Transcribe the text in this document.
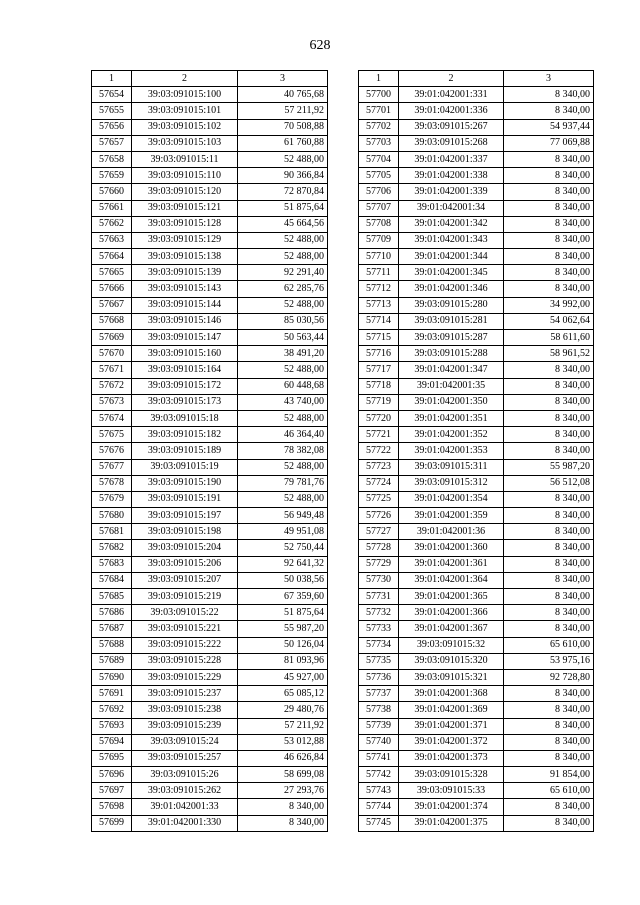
628
1	2	3
57654	39:03:091015:100	40 765,68
57655	39:03:091015:101	57 211,92
57656	39:03:091015:102	70 508,88
57657	39:03:091015:103	61 760,88
57658	39:03:091015:11	52 488,00
57659	39:03:091015:110	90 366,84
57660	39:03:091015:120	72 870,84
57661	39:03:091015:121	51 875,64
57662	39:03:091015:128	45 664,56
57663	39:03:091015:129	52 488,00
57664	39:03:091015:138	52 488,00
57665	39:03:091015:139	92 291,40
57666	39:03:091015:143	62 285,76
57667	39:03:091015:144	52 488,00
57668	39:03:091015:146	85 030,56
57669	39:03:091015:147	50 563,44
57670	39:03:091015:160	38 491,20
57671	39:03:091015:164	52 488,00
57672	39:03:091015:172	60 448,68
57673	39:03:091015:173	43 740,00
57674	39:03:091015:18	52 488,00
57675	39:03:091015:182	46 364,40
57676	39:03:091015:189	78 382,08
57677	39:03:091015:19	52 488,00
57678	39:03:091015:190	79 781,76
57679	39:03:091015:191	52 488,00
57680	39:03:091015:197	56 949,48
57681	39:03:091015:198	49 951,08
57682	39:03:091015:204	52 750,44
57683	39:03:091015:206	92 641,32
57684	39:03:091015:207	50 038,56
57685	39:03:091015:219	67 359,60
57686	39:03:091015:22	51 875,64
57687	39:03:091015:221	55 987,20
57688	39:03:091015:222	50 126,04
57689	39:03:091015:228	81 093,96
57690	39:03:091015:229	45 927,00
57691	39:03:091015:237	65 085,12
57692	39:03:091015:238	29 480,76
57693	39:03:091015:239	57 211,92
57694	39:03:091015:24	53 012,88
57695	39:03:091015:257	46 626,84
57696	39:03:091015:26	58 699,08
57697	39:03:091015:262	27 293,76
57698	39:01:042001:33	8 340,00
57699	39:01:042001:330	8 340,00
1	2	3
57700	39:01:042001:331	8 340,00
57701	39:01:042001:336	8 340,00
57702	39:03:091015:267	54 937,44
57703	39:03:091015:268	77 069,88
57704	39:01:042001:337	8 340,00
57705	39:01:042001:338	8 340,00
57706	39:01:042001:339	8 340,00
57707	39:01:042001:34	8 340,00
57708	39:01:042001:342	8 340,00
57709	39:01:042001:343	8 340,00
57710	39:01:042001:344	8 340,00
57711	39:01:042001:345	8 340,00
57712	39:01:042001:346	8 340,00
57713	39:03:091015:280	34 992,00
57714	39:03:091015:281	54 062,64
57715	39:03:091015:287	58 611,60
57716	39:03:091015:288	58 961,52
57717	39:01:042001:347	8 340,00
57718	39:01:042001:35	8 340,00
57719	39:01:042001:350	8 340,00
57720	39:01:042001:351	8 340,00
57721	39:01:042001:352	8 340,00
57722	39:01:042001:353	8 340,00
57723	39:03:091015:311	55 987,20
57724	39:03:091015:312	56 512,08
57725	39:01:042001:354	8 340,00
57726	39:01:042001:359	8 340,00
57727	39:01:042001:36	8 340,00
57728	39:01:042001:360	8 340,00
57729	39:01:042001:361	8 340,00
57730	39:01:042001:364	8 340,00
57731	39:01:042001:365	8 340,00
57732	39:01:042001:366	8 340,00
57733	39:01:042001:367	8 340,00
57734	39:03:091015:32	65 610,00
57735	39:03:091015:320	53 975,16
57736	39:03:091015:321	92 728,80
57737	39:01:042001:368	8 340,00
57738	39:01:042001:369	8 340,00
57739	39:01:042001:371	8 340,00
57740	39:01:042001:372	8 340,00
57741	39:01:042001:373	8 340,00
57742	39:03:091015:328	91 854,00
57743	39:03:091015:33	65 610,00
57744	39:01:042001:374	8 340,00
57745	39:01:042001:375	8 340,00
